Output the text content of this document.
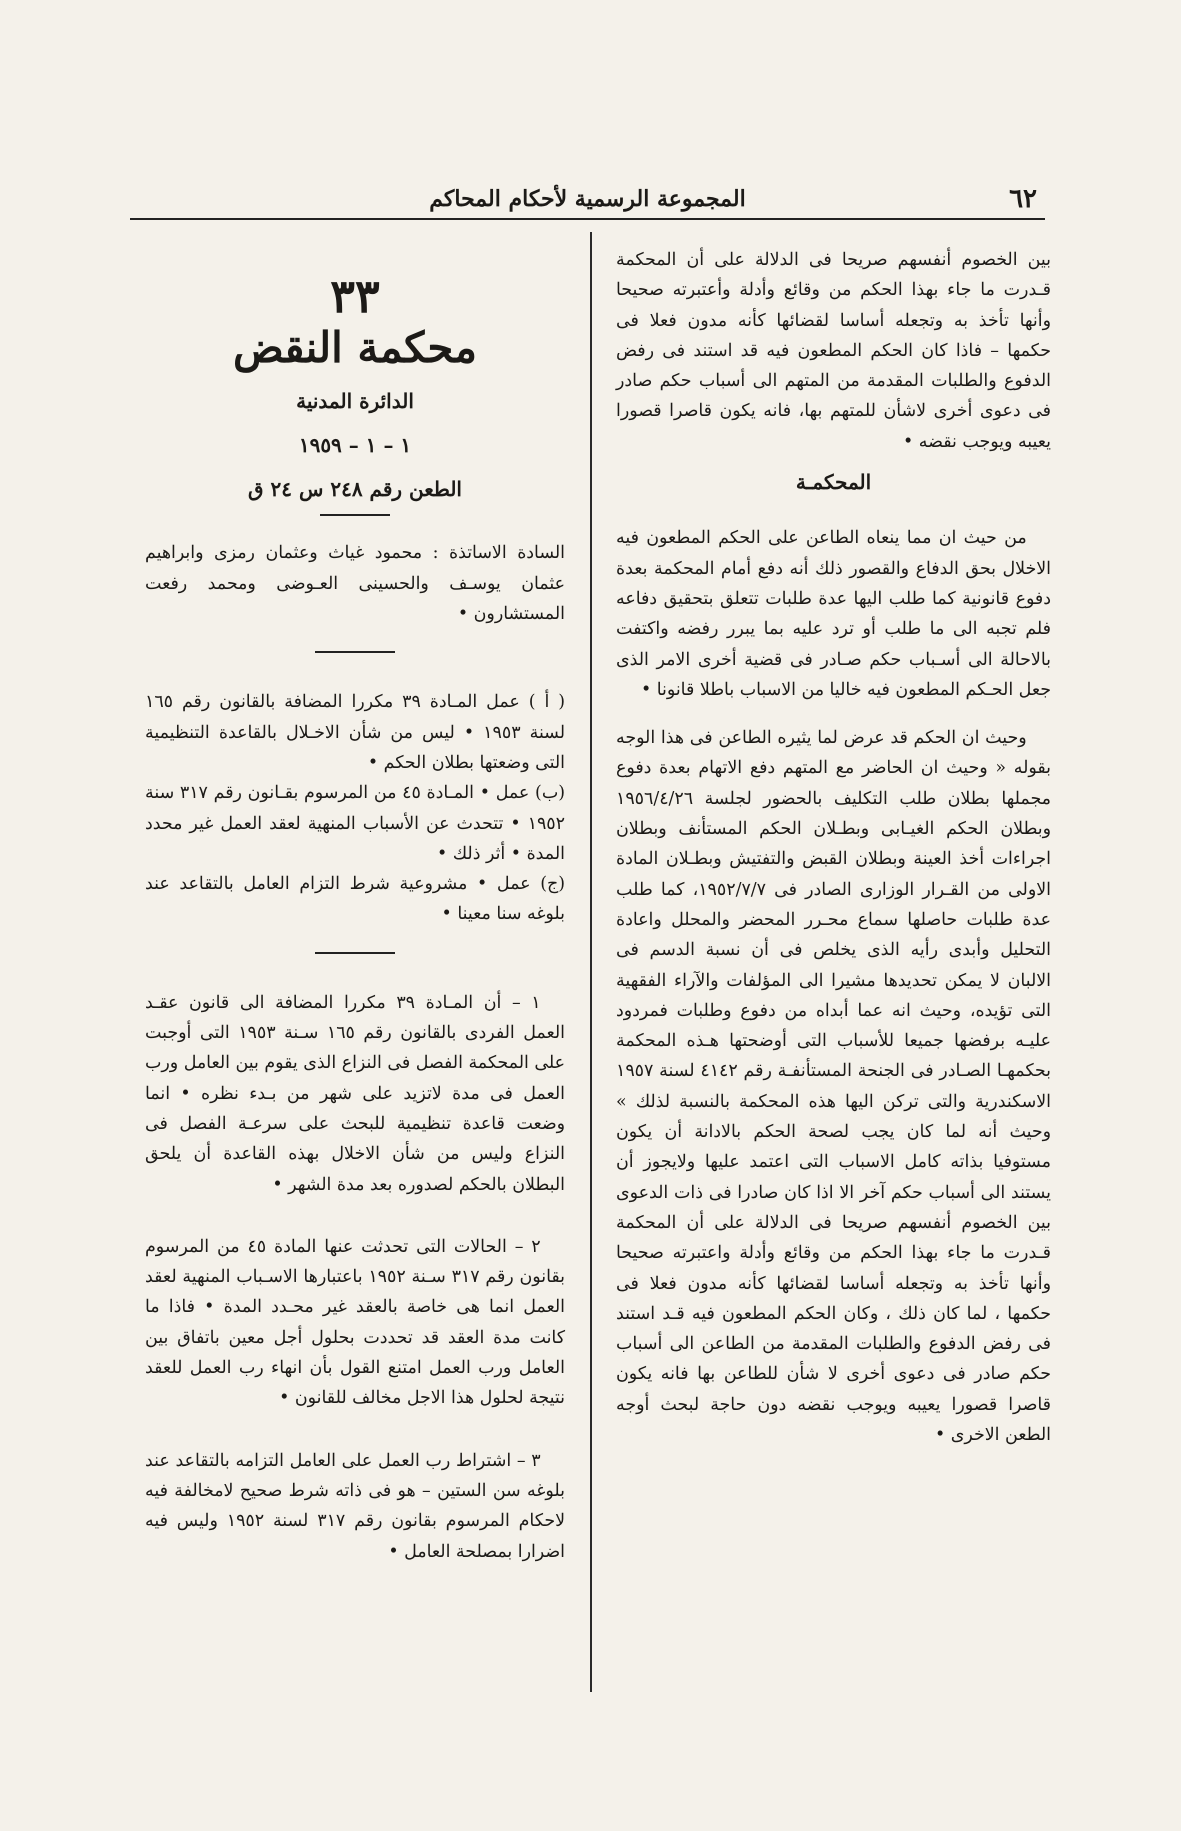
٦٢
المجموعة الرسمية لأحكام المحاكم

بين الخصوم أنفسهم صريحا فى الدلالة على أن المحكمة قـدرت ما جاء بهذا الحكم من وقائع وأدلة وأعتبرته صحيحا وأنها تأخذ به وتجعله أساسا لقضائها كأنه مدون فعلا فى حكمها – فاذا كان الحكم المطعون فيه قد استند فى رفض الدفوع والطلبات المقدمة من المتهم الى أسباب حكم صادر فى دعوى أخرى لاشأن للمتهم بها، فانه يكون قاصرا قصورا يعيبه ويوجب نقضه •

المحكمـة

من حيث ان مما ينعاه الطاعن على الحكم المطعون فيه الاخلال بحق الدفاع والقصور ذلك أنه دفع أمام المحكمة بعدة دفوع قانونية كما طلب اليها عدة طلبات تتعلق بتحقيق دفاعه فلم تجبه الى ما طلب أو ترد عليه بما يبرر رفضه واكتفت بالاحالة الى أسـباب حكم صـادر فى قضية أخرى الامر الذى جعل الحـكم المطعون فيه خاليا من الاسباب باطلا قانونا •

وحيث ان الحكم قد عرض لما يثيره الطاعن فى هذا الوجه بقوله « وحيث ان الحاضر مع المتهم دفع الاتهام بعدة دفوع مجملها بطلان طلب التكليف بالحضور لجلسة ١٩٥٦/٤/٢٦ وبطلان الحكم الغيـابى وبطـلان الحكم المستأنف وبطلان اجراءات أخذ العينة وبطلان القبض والتفتيش وبطـلان المادة الاولى من القـرار الوزارى الصادر فى ١٩٥٢/٧/٧، كما طلب عدة طلبات حاصلها سماع محـرر المحضر والمحلل واعادة التحليل وأبدى رأيه الذى يخلص فى أن نسبة الدسم فى الالبان لا يمكن تحديدها مشيرا الى المؤلفات والآراء الفقهية التى تؤيده، وحيث انه عما أبداه من دفوع وطلبات فمردود عليـه برفضها جميعا للأسباب التى أوضحتها هـذه المحكمة بحكمهـا الصـادر فى الجنحة المستأنفـة رقم ٤١٤٢ لسنة ١٩٥٧ الاسكندرية والتى تركن اليها هذه المحكمة بالنسبة لذلك » وحيث أنه لما كان يجب لصحة الحكم بالادانة أن يكون مستوفيا بذاته كامل الاسباب التى اعتمد عليها ولايجوز أن يستند الى أسباب حكم آخر الا اذا كان صادرا فى ذات الدعوى بين الخصوم أنفسهم صريحا فى الدلالة على أن المحكمة قـدرت ما جاء بهذا الحكم من وقائع وأدلة واعتبرته صحيحا وأنها تأخذ به وتجعله أساسا لقضائها كأنه مدون فعلا فى حكمها ، لما كان ذلك ، وكان الحكم المطعون فيه قـد استند فى رفض الدفوع والطلبات المقدمة من الطاعن الى أسباب حكم صادر فى دعوى أخرى لا شأن للطاعن بها فانه يكون قاصرا قصورا يعيبه ويوجب نقضه دون حاجة لبحث أوجه الطعن الاخرى •

٣٣
محكمة النقض
الدائرة المدنية
١ – ١ – ١٩٥٩
الطعن رقم ٢٤٨ س ٢٤ ق

السادة الاساتذة : محمود غياث وعثمان رمزى وابراهيم عثمان يوسـف والحسينى العـوضى ومحمد رفعت المستشارون •

( أ ) عمل المـادة ٣٩ مكررا المضافة بالقانون رقم ١٦٥ لسنة ١٩٥٣ • ليس من شأن الاخـلال بالقاعدة التنظيمية التى وضعتها بطلان الحكم •

(ب) عمل • المـادة ٤٥ من المرسوم بقـانون رقم ٣١٧ سنة ١٩٥٢ • تتحدث عن الأسباب المنهية لعقد العمل غير محدد المدة • أثر ذلك •

(ج) عمل • مشروعية شرط التزام العامل بالتقاعد عند بلوغه سنا معينا •

١ – أن المـادة ٣٩ مكررا المضافة الى قانون عقـد العمل الفردى بالقانون رقم ١٦٥ سـنة ١٩٥٣ التى أوجبت على المحكمة الفصل فى النزاع الذى يقوم بين العامل ورب العمل فى مدة لاتزيد على شهر من بـدء نظره • انما وضعت قاعدة تنظيمية للبحث على سرعـة الفصل فى النزاع وليس من شأن الاخلال بهذه القاعدة أن يلحق البطلان بالحكم لصدوره بعد مدة الشهر •

٢ – الحالات التى تحدثت عنها المادة ٤٥ من المرسوم بقانون رقم ٣١٧ سـنة ١٩٥٢ باعتبارها الاسـباب المنهية لعقد العمل انما هى خاصة بالعقد غير محـدد المدة • فاذا ما كانت مدة العقد قد تحددت بحلول أجل معين باتفاق بين العامل ورب العمل امتنع القول بأن انهاء رب العمل للعقد نتيجة لحلول هذا الاجل مخالف للقانون •

٣ – اشتراط رب العمل على العامل التزامه بالتقاعد عند بلوغه سن الستين – هو فى ذاته شرط صحيح لامخالفة فيه لاحكام المرسوم بقانون رقم ٣١٧ لسنة ١٩٥٢ وليس فيه اضرارا بمصلحة العامل •
